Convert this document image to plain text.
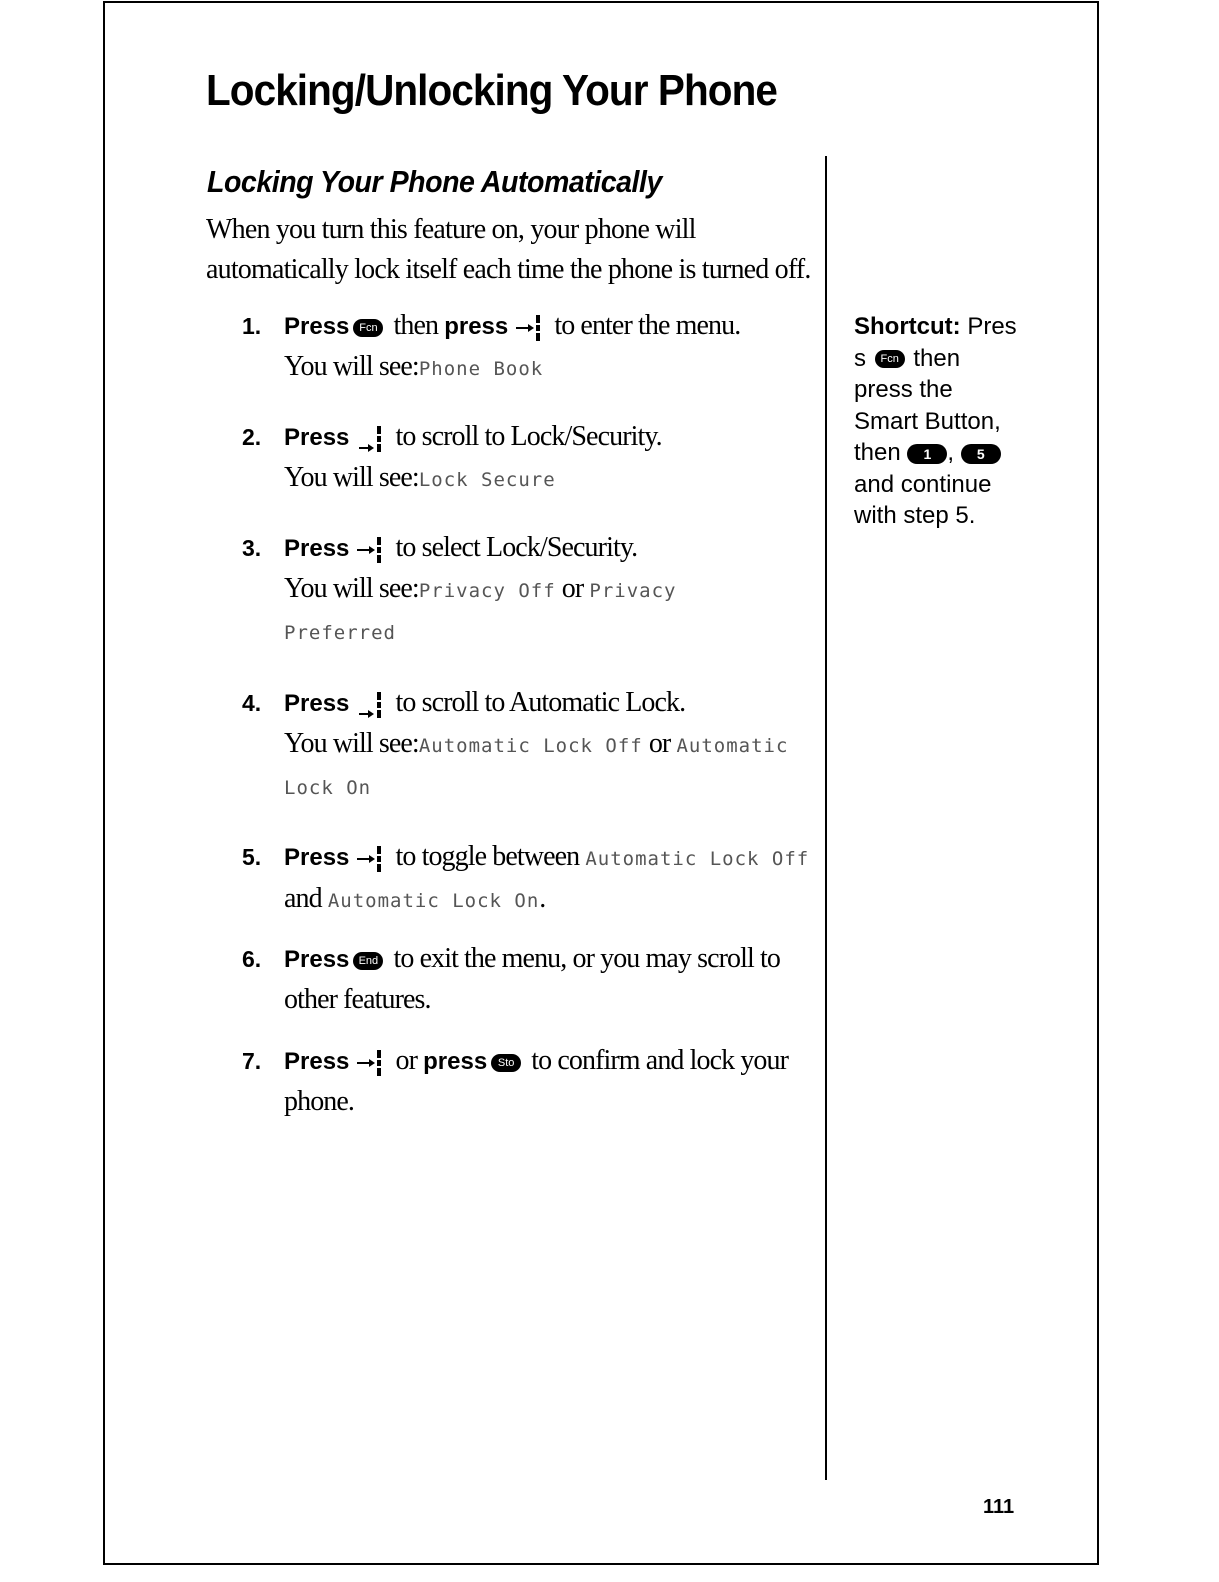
Locking/Unlocking Your Phone
Locking Your Phone Automatically

When you turn this feature on, your phone will
automatically lock itself each time the phone is turned off.

1. Press Fcn then press to enter the menu.
You will see:Phone Book
2. Press to scroll to Lock/Security.
You will see:Lock Secure
3. Press to select Lock/Security.
You will see:Privacy Off or Privacy
Preferred
4. Press to scroll to Automatic Lock.
You will see:Automatic Lock Off or Automatic
Lock On
5. Press to toggle between Automatic Lock Off
and Automatic Lock On.
6. Press End to exit the menu, or you may scroll to
other features.
7. Press or press Sto to confirm and lock your
phone.
Shortcut: Pres
s Fcn then
press the
Smart Button,
then 1 , 5
and continue
with step 5.
111
